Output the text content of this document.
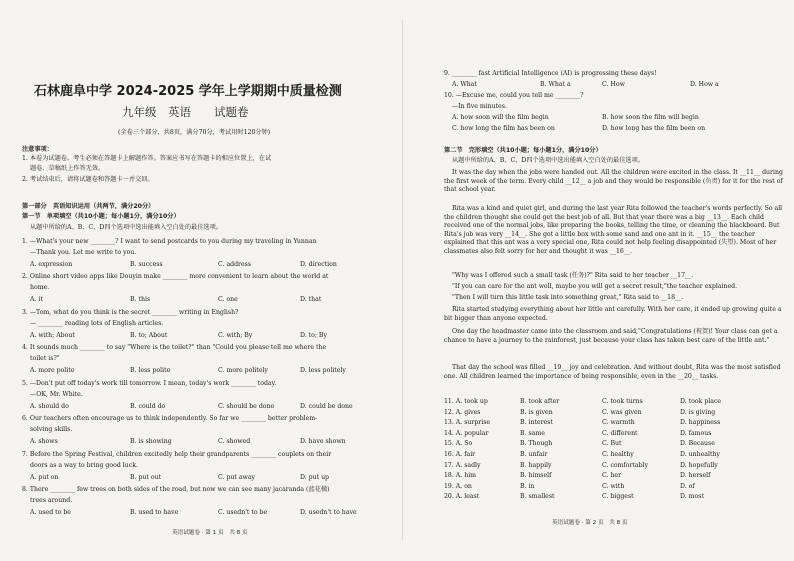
石林鹿阜中学 2024-2025 学年上学期期中质量检测
九年级　英语　　试题卷
(全卷三个部分，共8页，满分70分，考试用时120分钟)
注意事项：
1. 本卷为试题卷。考生必须在答题卡上解题作答。答案应书写在答题卡的相应位置上，在试
题卷、草稿纸上作答无效。
2. 考试结束后，请将试题卷和答题卡一并交回。
第一部分　英语知识运用（共两节，满分20分）
第一节　单项填空（共10小题；每小题1分，满分10分）
从题中所给的A、B、C、D四个选项中选出能填入空白处的最佳选项。
1. —What's your new ________? I want to send postcards to you during my traveling in Yunnan
—Thank you. Let me write to you.
A. expression	B. success	C. address	D. direction
2. Online short video apps like Douyin make ________ more convenient to learn about the world at
home.
A. it	B. this	C. one	D. that
3. —Tom, what do you think is the secret ________ writing in English?
— ________ reading lots of English articles.
A. with; About	B. to; About	C. with; By	D. to; By
4. It sounds much ________ to say "Where is the toilet?" than "Could you please tell me where the
toilet is?"
A. more polite	B. less polite	C. more politely	D. less politely
5. —Don't put off today's work till tomorrow. I mean, today's work ________ today.
—OK, Mr. White.
A. should do	B. could do	C. should be done	D. could be done
6. Our teachers often encourage us to think independently. So far we ________ better problem-
solving skills.
A. shows	B. is showing	C. showed	D. have shown
7. Before the Spring Festival, children excitedly help their grandparents ________ couplets on their
doors as a way to bring good luck.
A. put on	B. put out	C. put away	D. put up
8. There ________ few trees on both sides of the road, but now we can see many jacaranda (蓝花楹)
trees around.
A. used to be	B. used to have	C. usedn't to be	D. usedn't to have
英语试题卷 · 第 1 页　共 8 页
9. ________ fast Artificial Intelligence (AI) is progressing these days!
A. What	B. What a	C. How	D. How a
10. —Excuse me, could you tell me ________?
—In five minutes.
A. how soon will the film begin	B. how soon the film will begin
C. how long the film has been on	D. how long has the film been on
第二节　完形填空（共10小题；每小题1分，满分10分）
从题中所给的A、B、C、D四个选项中选出能填入空白处的最佳选项。
It was the day when the jobs were handed out. All the children were excited in the class. It __11__ during the first week of the term. Every child __12__ a job and they would be responsible (负责) for it for the rest of that school year.
Rita was a kind and quiet girl, and during the last year Rita followed the teacher's words perfectly. So all the children thought she could get the best job of all. But that year there was a big __13__. Each child received one of the normal jobs, like preparing the books, telling the time, or cleaning the blackboard. But Rita's job was very __14__. She got a little box with some sand and one ant in it. __15__ the teacher explained that this ant was a very special one, Rita could not help feeling disappointed (失望). Most of her classmates also felt sorry for her and thought it was __16__.
"Why was I offered such a small task (任务)?" Rita said to her teacher __17__.
"If you can care for the ant well, maybe you will get a secret result,"the teacher explained.
"Then I will turn this little task into something great," Rita said to __18__.
Rita started studying everything about her little ant carefully. With her care, it ended up growing quite a bit bigger than anyone expected.
One day the headmaster came into the classroom and said,"Congratulations (祝贺)! Your class can get a chance to have a journey to the rainforest, just because your class has taken best care of the little ant."
That day the school was filled __19__ joy and celebration. And without doubt, Rita was the most satisfied one. All children learned the importance of being responsible, even in the __20__ tasks.
11. A. took up	B. took after	C. took turns	D. took place
12. A. gives	B. is given	C. was given	D. is giving
13. A. surprise	B. interest	C. warmth	D. happiness
14. A. popular	B. same	C. different	D. famous
15. A. So	B. Though	C. But	D. Because
16. A. fair	B. unfair	C. healthy	D. unhealthy
17. A. sadly	B. happily	C. comfortably	D. hopefully
18. A. him	B. himself	C. her	D. herself
19. A. on	B. in	C. with	D. of
20. A. least	B. smallest	C. biggest	D. most
英语试题卷 · 第 2 页　共 8 页
